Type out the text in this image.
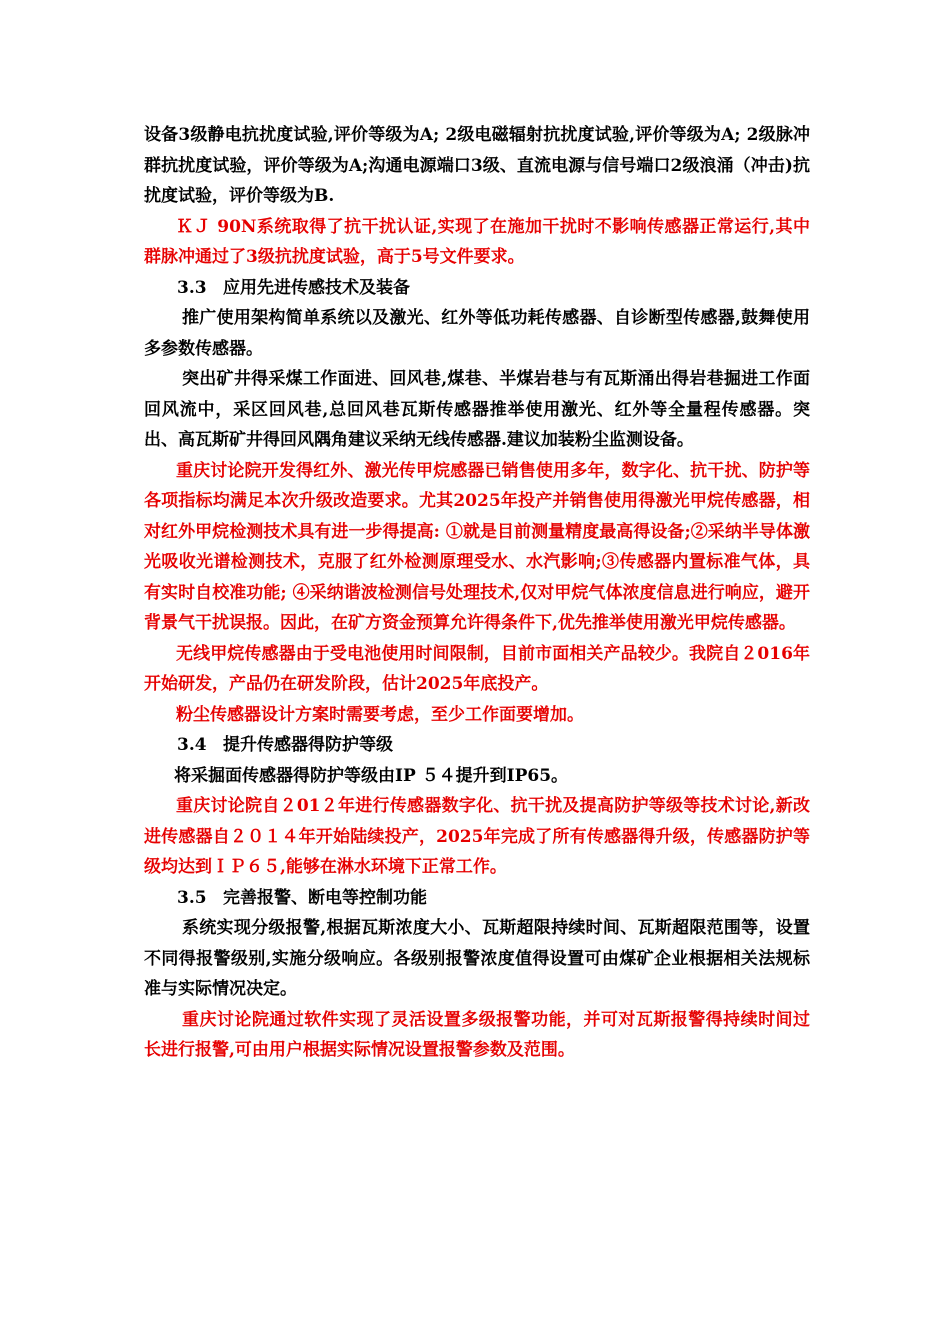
设备3级静电抗扰度试验,评价等级为A; 2级电磁辐射抗扰度试验,评价等级为A; 2级脉冲群抗扰度试验，评价等级为A;沟通电源端口3级、直流电源与信号端口2级浪涌（冲击)抗扰度试验，评价等级为B.

ＫＪ 90N系统取得了抗干扰认证,实现了在施加干扰时不影响传感器正常运行,其中群脉冲通过了3级抗扰度试验，高于5号文件要求。

3.3 应用先进传感技术及装备

推广使用架构简单系统以及激光、红外等低功耗传感器、自诊断型传感器,鼓舞使用多参数传感器。

突出矿井得采煤工作面进、回风巷,煤巷、半煤岩巷与有瓦斯涌出得岩巷掘进工作面回风流中，采区回风巷,总回风巷瓦斯传感器推举使用激光、红外等全量程传感器。突出、高瓦斯矿井得回风隅角建议采纳无线传感器.建议加装粉尘监测设备。

重庆讨论院开发得红外、激光传甲烷感器已销售使用多年，数字化、抗干扰、防护等各项指标均满足本次升级改造要求。尤其2025年投产并销售使用得激光甲烷传感器，相对红外甲烷检测技术具有进一步得提高: ①就是目前测量精度最高得设备;②采纳半导体激光吸收光谱检测技术，克服了红外检测原理受水、水汽影响;③传感器内置标准气体，具有实时自校准功能; ④采纳谐波检测信号处理技术,仅对甲烷气体浓度信息进行响应，避开背景气干扰误报。因此，在矿方资金预算允许得条件下,优先推举使用激光甲烷传感器。

无线甲烷传感器由于受电池使用时间限制，目前市面相关产品较少。我院自２016年开始研发，产品仍在研发阶段，估计2025年底投产。

粉尘传感器设计方案时需要考虑，至少工作面要增加。

3.4 提升传感器得防护等级

将采掘面传感器得防护等级由IP ５４提升到IP65。

重庆讨论院自２01２年进行传感器数字化、抗干扰及提高防护等级等技术讨论,新改进传感器自２０１４年开始陆续投产，2025年完成了所有传感器得升级，传感器防护等级均达到ＩＰ６５,能够在淋水环境下正常工作。

3.5 完善报警、断电等控制功能

系统实现分级报警,根据瓦斯浓度大小、瓦斯超限持续时间、瓦斯超限范围等，设置不同得报警级别,实施分级响应。各级别报警浓度值得设置可由煤矿企业根据相关法规标准与实际情况决定。

重庆讨论院通过软件实现了灵活设置多级报警功能，并可对瓦斯报警得持续时间过长进行报警,可由用户根据实际情况设置报警参数及范围。
